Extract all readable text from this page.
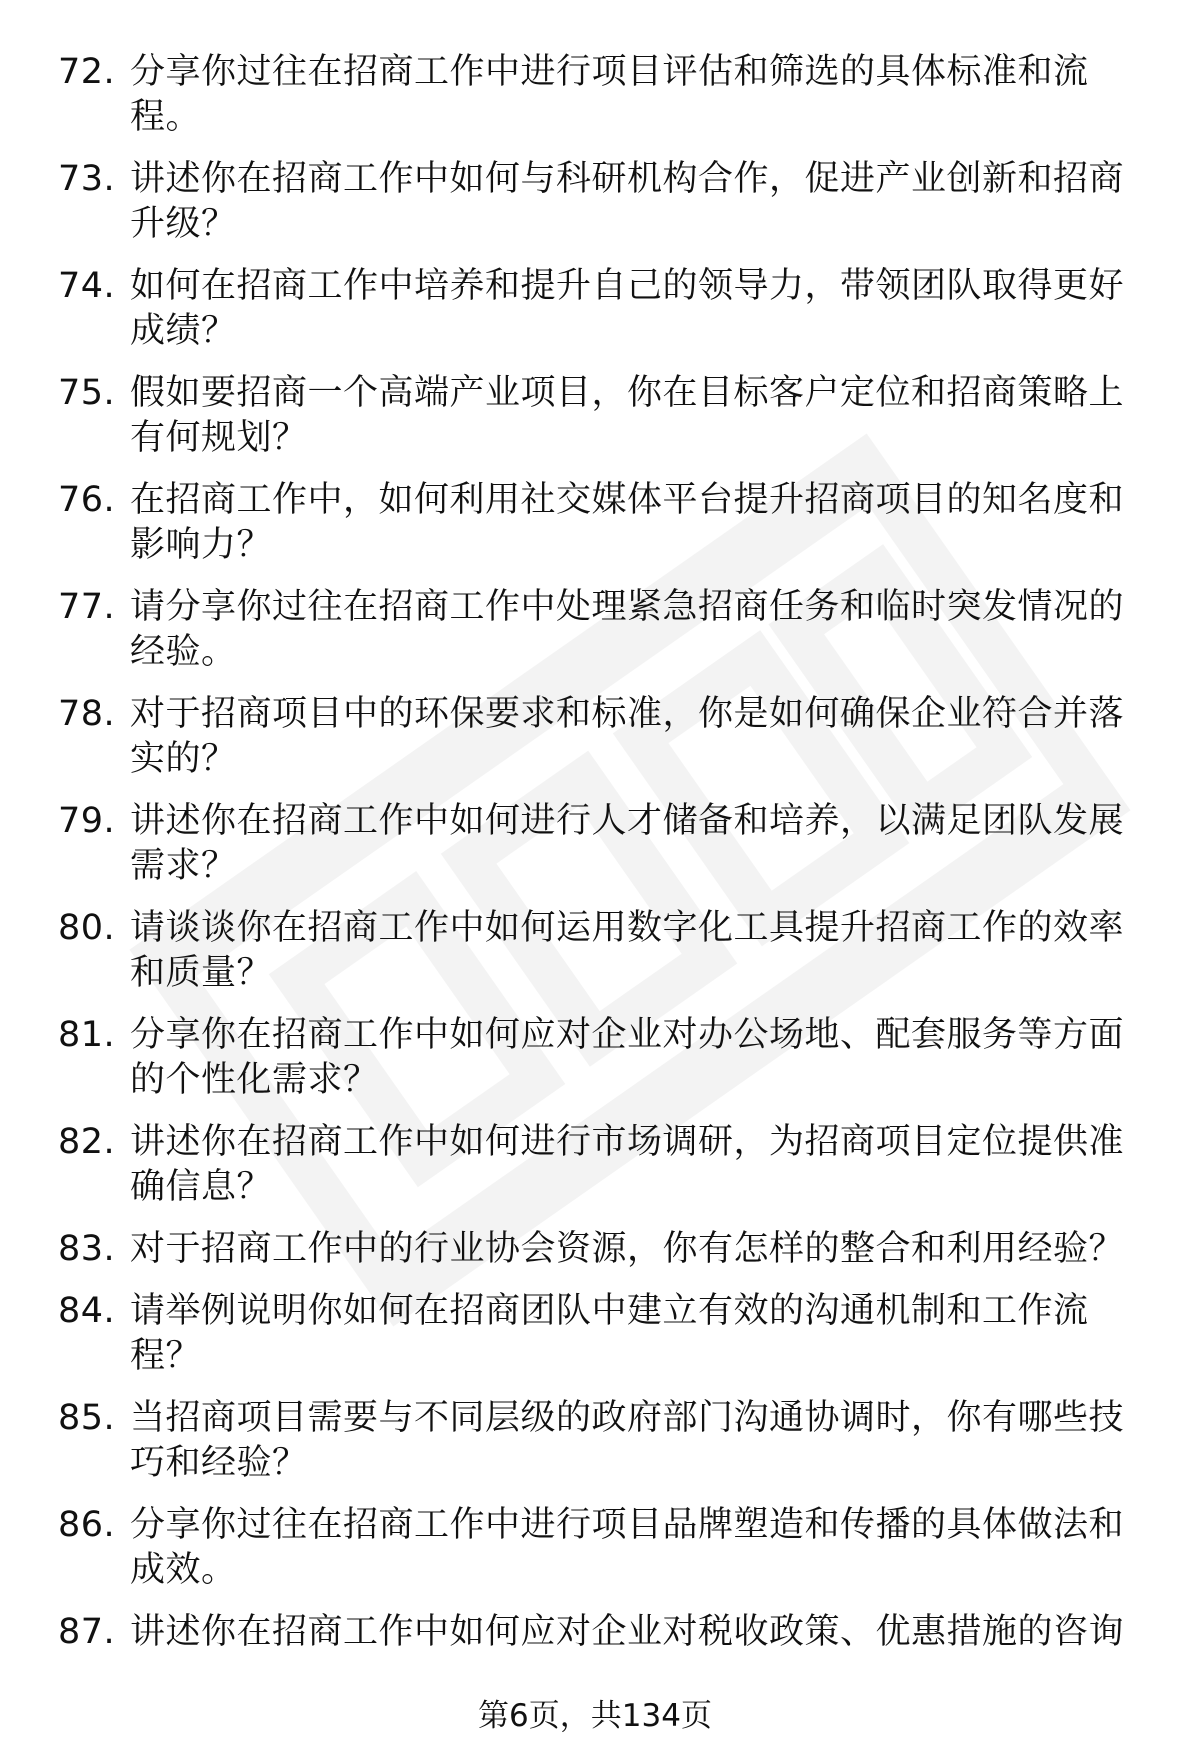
72. 分享你过往在招商工作中进行项目评估和筛选的具体标准和流程。
73. 讲述你在招商工作中如何与科研机构合作，促进产业创新和招商升级？
74. 如何在招商工作中培养和提升自己的领导力，带领团队取得更好成绩？
75. 假如要招商一个高端产业项目，你在目标客户定位和招商策略上有何规划？
76. 在招商工作中，如何利用社交媒体平台提升招商项目的知名度和影响力？
77. 请分享你过往在招商工作中处理紧急招商任务和临时突发情况的经验。
78. 对于招商项目中的环保要求和标准，你是如何确保企业符合并落实的？
79. 讲述你在招商工作中如何进行人才储备和培养，以满足团队发展需求？
80. 请谈谈你在招商工作中如何运用数字化工具提升招商工作的效率和质量？
81. 分享你在招商工作中如何应对企业对办公场地、配套服务等方面的个性化需求？
82. 讲述你在招商工作中如何进行市场调研，为招商项目定位提供准确信息？
83. 对于招商工作中的行业协会资源，你有怎样的整合和利用经验？
84. 请举例说明你如何在招商团队中建立有效的沟通机制和工作流程？
85. 当招商项目需要与不同层级的政府部门沟通协调时，你有哪些技巧和经验？
86. 分享你过往在招商工作中进行项目品牌塑造和传播的具体做法和成效。
87. 讲述你在招商工作中如何应对企业对税收政策、优惠措施的咨询
第6页，共134页
